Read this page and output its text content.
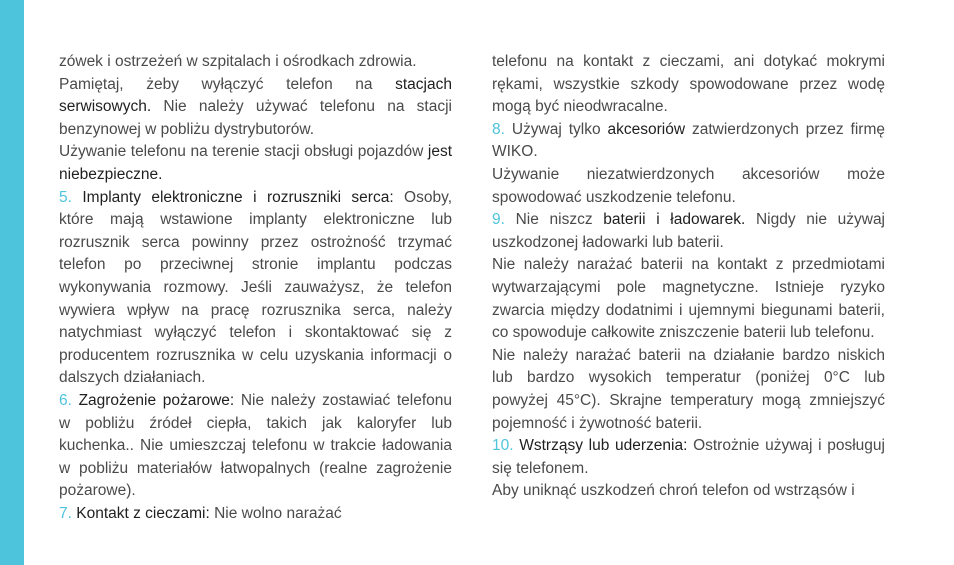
zówek i ostrzeżeń w szpitalach i ośrodkach zdrowia.

Pamiętaj, żeby wyłączyć telefon na stacjach serwisowych. Nie należy używać telefonu na stacji benzynowej w pobliżu dystrybutorów.

Używanie telefonu na terenie stacji obsługi pojazdów jest niebezpieczne.

5. Implanty elektroniczne i rozruszniki serca: Osoby, które mają wstawione implanty elektroniczne lub rozrusznik serca powinny przez ostrożność trzymać telefon po przeciwnej stronie implantu podczas wykonywania rozmowy. Jeśli zauważysz, że telefon wywiera wpływ na pracę rozrusznika serca, należy natychmiast wyłączyć telefon i skontaktować się z producentem rozrusznika w celu uzyskania informacji o dalszych działaniach.

6. Zagrożenie pożarowe: Nie należy zostawiać telefonu w pobliżu źródeł ciepła, takich jak kaloryfer lub kuchenka.. Nie umieszczaj telefonu w trakcie ładowania w pobliżu materiałów łatwopalnych (realne zagrożenie pożarowe).

7. Kontakt z cieczami: Nie wolno narażać

telefonu na kontakt z cieczami, ani dotykać mokrymi rękami, wszystkie szkody spowodowane przez wodę mogą być nieodwracalne.

8. Używaj tylko akcesoriów zatwierdzonych przez firmę WIKO.

Używanie niezatwierdzonych akcesoriów może spowodować uszkodzenie telefonu.

9. Nie niszcz baterii i ładowarek. Nigdy nie używaj uszkodzonej ładowarki lub baterii.

Nie należy narażać baterii na kontakt z przedmiotami wytwarzającymi pole magnetyczne. Istnieje ryzyko zwarcia między dodatnimi i ujemnymi biegunami baterii, co spowoduje całkowite zniszczenie baterii lub telefonu.

Nie należy narażać baterii na działanie bardzo niskich lub bardzo wysokich temperatur (poniżej 0°C lub powyżej 45°C). Skrajne temperatury mogą zmniejszyć pojemność i żywotność baterii.

10. Wstrząsy lub uderzenia: Ostrożnie używaj i posługuj się telefonem.

Aby uniknąć uszkodzeń chroń telefon od wstrząsów i
